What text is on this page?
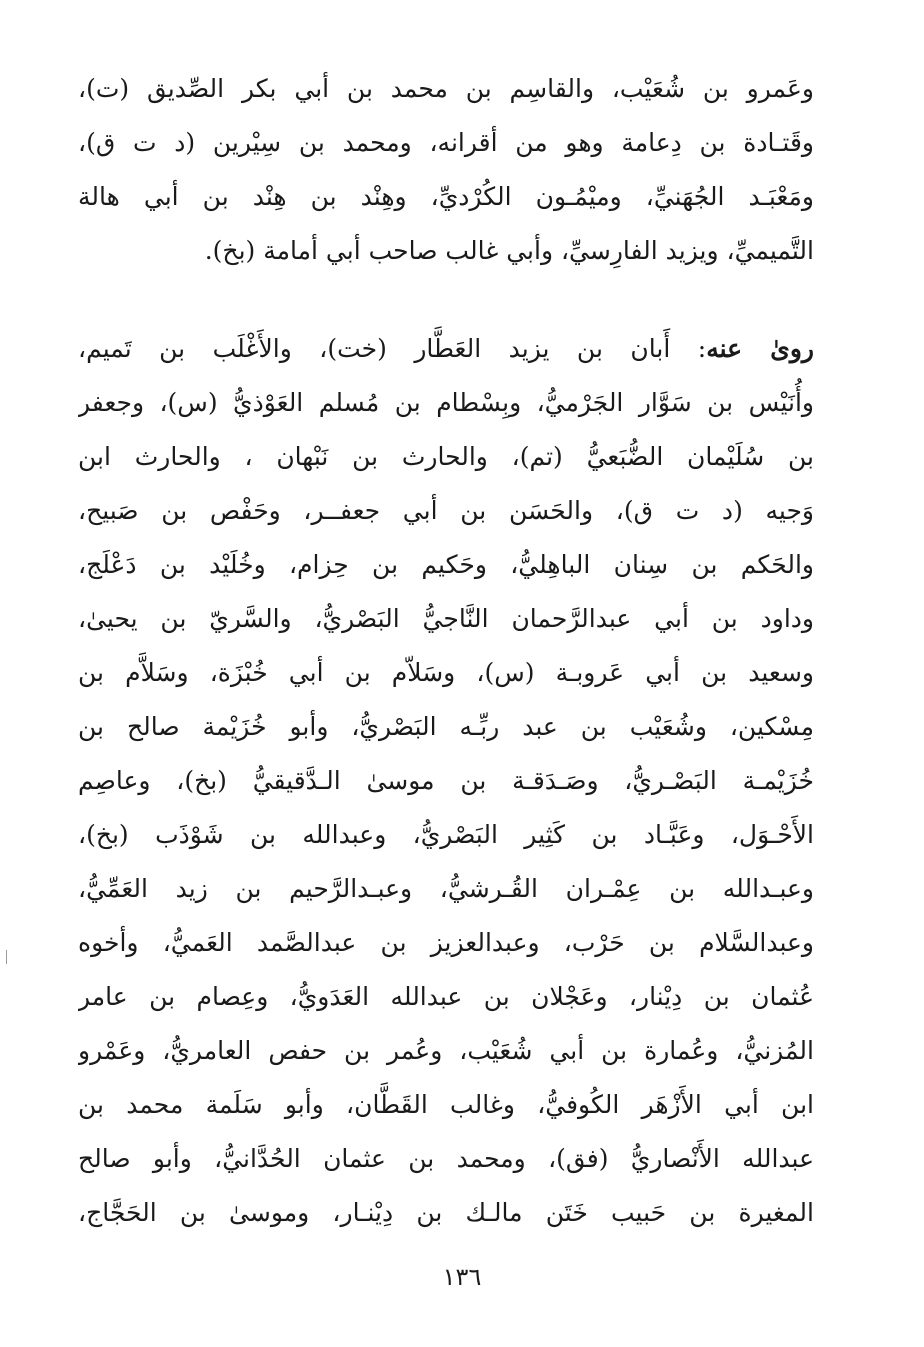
وعَمرو بن شُعَيْب، والقاسِم بن محمد بن أبي بكر الصِّديق (ت)،
وقَتـادة بن دِعامة وهو من أقرانه، ومحمد بن سِيْرين (د ت ق)،
ومَعْبَـد الجُهَنيِّ، وميْمُـون الكُرْديِّ، وهِنْد بن هِنْد بن أبي هالة
التَّميميِّ، ويزيد الفارِسيِّ، وأبي غالب صاحب أبي أمامة (بخ).
روىٰ عنه: أَبان بن يزيد العَطَّار (خت)، والأَغْلَب بن تَميم،
وأُنَيْس بن سَوَّار الجَرْميُّ، وبِسْطام بن مُسلم العَوْذيُّ (س)، وجعفر
بن سُلَيْمان الضُّبَعيُّ (تم)، والحارث بن نَبْهان ، والحارث ابن
وَجيه (د ت ق)، والحَسَن بن أبي جعفــر، وحَفْص بن صَبيح،
والحَكم بن سِنان الباهِليُّ، وحَكيم بن حِزام، وخُلَيْد بن دَعْلَج،
وداود بن أبي عبدالرَّحمان النَّاجيُّ البَصْريُّ، والسَّريّ بن يحيىٰ،
وسعيد بن أبي عَروبـة (س)، وسَلاّم بن أبي خُبْزَة، وسَلاَّم بن
مِسْكين، وشُعَيْب بن عبد ربِّـه البَصْريُّ، وأبو خُزَيْمة صالح بن
خُزَيْمـة البَصْـريُّ، وصَـدَقـة بن موسىٰ الـدَّقيقيُّ (بخ)، وعاصِم
الأَحْـوَل، وعَبَّـاد بن كَثِير البَصْريُّ، وعبدالله بن شَوْذَب (بخ)،
وعبـدالله بن عِمْـران القُـرشيُّ، وعبـدالرَّحيم بن زيد العَمِّيُّ،
وعبدالسَّلام بن حَرْب، وعبدالعزيز بن عبدالصَّمد العَميُّ، وأخوه
عُثمان بن دِيْنار، وعَجْلان بن عبدالله العَدَويُّ، وعِصام بن عامر
المُزنيُّ، وعُمارة بن أبي شُعَيْب، وعُمر بن حفص العامريُّ، وعَمْرو
ابن أبي الأَزْهَر الكُوفيُّ، وغالب القَطَّان، وأبو سَلَمة محمد بن
عبدالله الأَنْصاريُّ (فق)، ومحمد بن عثمان الحُدَّانيُّ، وأبو صالح
المغيرة بن حَبيب خَتَن مالـك بن دِيْنـار، وموسىٰ بن الحَجَّاج،
١٣٦
